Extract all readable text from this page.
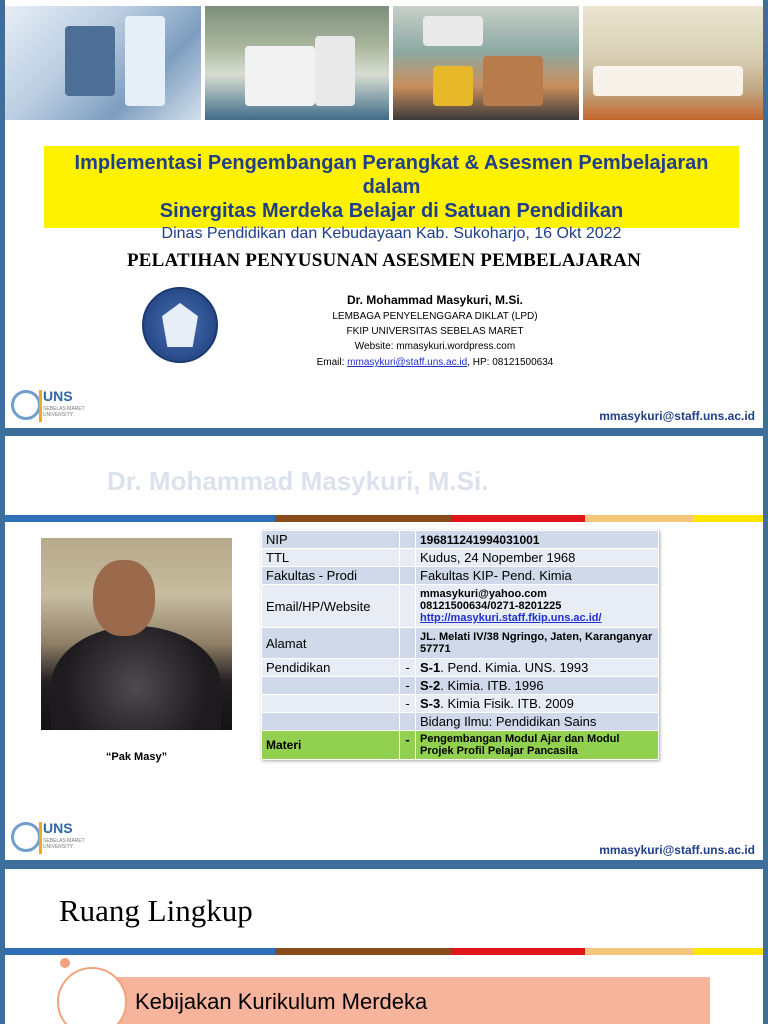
Implementasi Pengembangan Perangkat & Asesmen Pembelajaran dalam
Sinergitas Merdeka Belajar di Satuan Pendidikan
Dinas Pendidikan dan Kebudayaan Kab. Sukoharjo, 16 Okt 2022
PELATIHAN PENYUSUNAN ASESMEN PEMBELAJARAN
Dr. Mohammad Masykuri, M.Si.
LEMBAGA PENYELENGGARA DIKLAT (LPD)
FKIP UNIVERSITAS SEBELAS MARET
Website: mmasykuri.wordpress.com
Email: mmasykuri@staff.uns.ac.id, HP: 08121500634
UNS
SEBELAS MARET UNIVERSITY	mmasykuri@staff.uns.ac.id
Dr. Mohammad Masykuri, M.Si.
“Pak Masy”
NIP		196811241994031001
TTL		Kudus, 24 Nopember 1968
Fakultas - Prodi		Fakultas KIP- Pend. Kimia
Email/HP/Website		mmasykuri@yahoo.com
08121500634/0271-8201225
http://masykuri.staff.fkip.uns.ac.id/

Alamat		JL. Melati IV/38 Ngringo, Jaten, Karanganyar 57771
Pendidikan	-	S-1. Pend. Kimia. UNS. 1993
	-	S-2. Kimia. ITB. 1996
	-	S-3. Kimia Fisik. ITB. 2009
		Bidang Ilmu: Pendidikan Sains
Materi	-	Pengembangan Modul Ajar dan Modul Projek Profil Pelajar Pancasila
UNS
SEBELAS MARET UNIVERSITY	mmasykuri@staff.uns.ac.id
Ruang Lingkup
Kebijakan Kurikulum Merdeka
